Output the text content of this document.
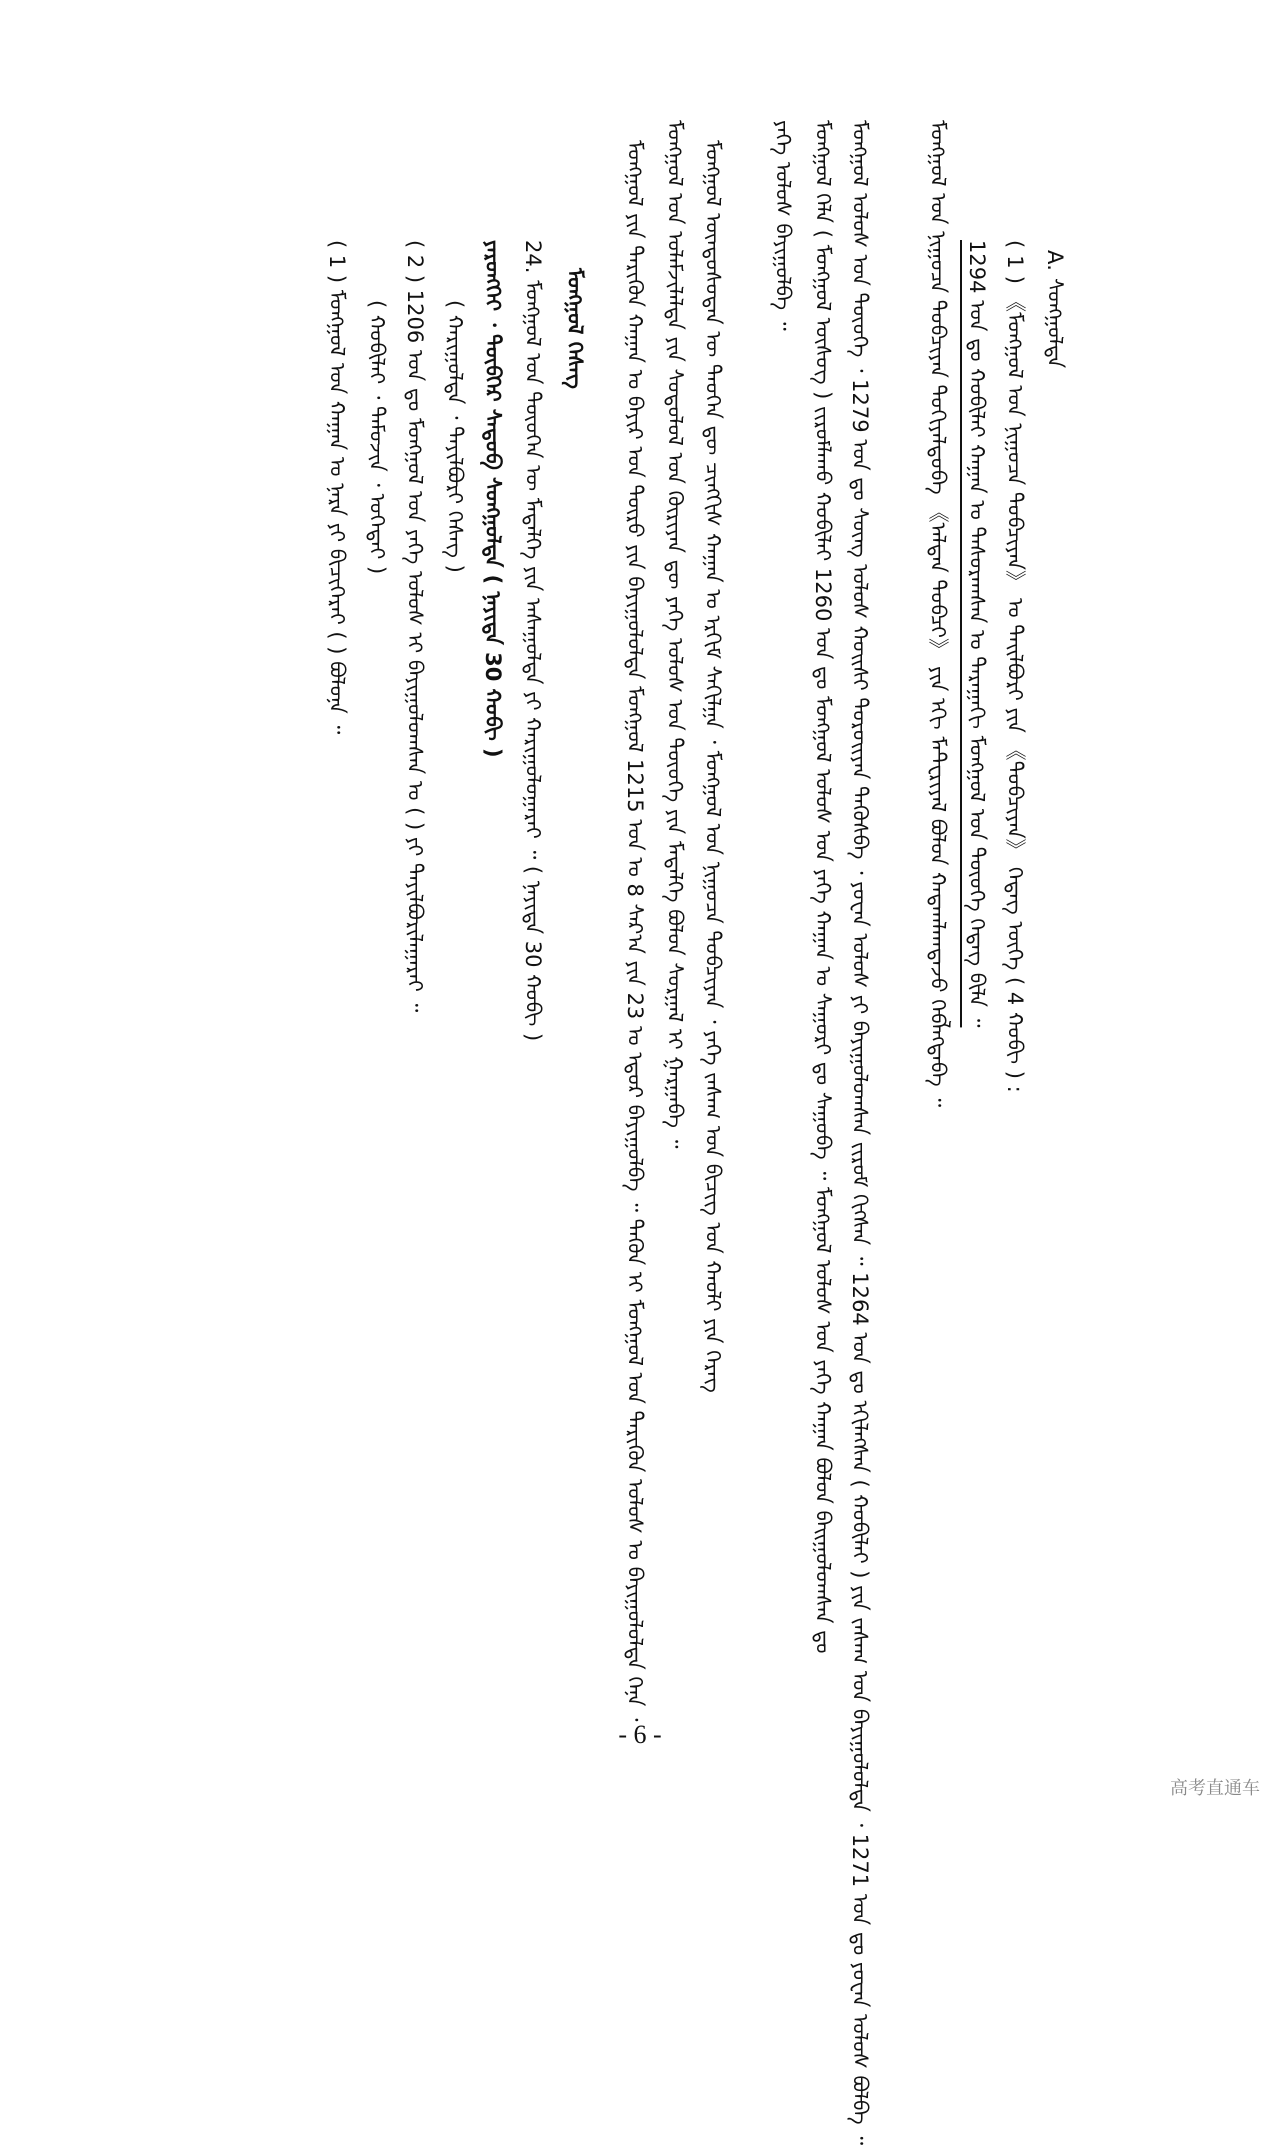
A. ᠰᠣᠩᠭᠣᠯᠲᠠ
( 1 ) 《ᠮᠣᠩᠭᠣᠯ ᠤᠨ ᠨᠢᠭᠤᠴᠠ ᠲᠣᠪᠴᠢᠶᠠᠨ》 ᠤ ᠲᠠᠢᠯᠪᠤᠷᠢ ᠶᠢᠨ 《ᠲᠣᠪᠴᠢᠶᠠᠨ》 ᠭᠡᠳᠡᠭ ᠦᠭᠡ ( 4 ᠬᠤᠪᠢ ) :
1294 ᠣᠨ ᠳᠤ ᠬᠣᠪᠢᠯᠠᠢ ᠬᠠᠭᠠᠨ ᠤ ᠲᠠᠰᠤᠷᠠᠭᠰᠠᠨ ᠤ ᠳᠠᠷᠠᠭᠠᠬᠢ ᠮᠣᠩᠭᠣᠯ ᠤᠨ ᠲᠦᠦᠬᠡ ᠭᠡᠳᠡᠭ ᠪᠢᠯᠡ ᠃
ᠮᠣᠩᠭᠣᠯ ᠤᠨ ᠨᠢᠭᠤᠴᠠ ᠲᠣᠪᠴᠢᠶᠠᠨ ᠲᠣᠬᠢᠶᠠᠯᠳᠤᠪᠠ 《ᠠᠯᠲᠠᠨ ᠲᠣᠪᠴᠢ》 ᠶᠢᠨ ᠡᠬᠢ ᠮᠠᠲᠧᠷᠢᠶᠠᠯ ᠪᠣᠯᠤᠨ ᠬᠠᠳᠠᠭᠯᠠᠭᠳᠠᠵᠤ ᠬᠡᠪᠯᠡᠭᠳᠡᠪᠡ ᠃
ᠮᠣᠩᠭᠣᠯ ᠤᠯᠤᠰ ᠤᠨ ᠲᠦᠦᠬᠡ ᠂ 1279 ᠣᠨ ᠳᠤ ᠰᠦᠩ ᠤᠯᠤᠰ ᠬᠣᠢᠰᠢ ᠳᠣᠷᠣᠢᠶᠠᠨ ᠲᠡᠭᠦᠰᠪᠡ ᠂ ᠶᠤᠸᠠᠨ ᠤᠯᠤᠰ ᠶᠢ ᠪᠠᠶᠢᠭᠤᠯᠤᠭᠰᠠᠨ ᠵᠢᠷᠤᠮ ᠬᠢᠭᠰᠡᠨ ᠃ 1264 ᠣᠨ ᠳᠤ ᠡᠬᠢᠯᠡᠭᠰᠡᠨ ( ᠬᠣᠪᠢᠯᠠᠢ ) ᠶᠢᠨ ᠵᠠᠰᠠᠭ ᠤᠨ ᠪᠠᠶᠢᠭᠤᠯᠤᠯᠲᠠ ᠂ 1271 ᠣᠨ ᠳᠤ ᠶᠤᠸᠠᠨ ᠤᠯᠤᠰ ᠪᠣᠯᠪᠠ ᠃
ᠮᠣᠩᠭᠣᠯ ᠬᠡᠯᠡ ( ᠮᠣᠩᠭᠣᠯ ᠦᠰᠦᠭ ) ᠵᠢᠷᠤᠮᠯᠠᠬᠤ ᠬᠣᠪᠢᠯᠠᠢ 1260 ᠣᠨ ᠳᠤ ᠮᠣᠩᠭᠣᠯ ᠤᠯᠤᠰ ᠤᠨ ᠶᠡᠬᠡ ᠬᠠᠭᠠᠨ ᠤ ᠰᠠᠭᠤᠷᠢ ᠳᠤ ᠰᠠᠭᠤᠪᠠ ᠃ ᠮᠣᠩᠭᠣᠯ ᠤᠯᠤᠰ ᠤᠨ ᠶᠡᠬᠡ ᠬᠠᠭᠠᠨ ᠪᠣᠯᠤᠨ ᠪᠠᠢᠭᠤᠯᠤᠭᠰᠠᠨ ᠳᠤ
ᠶᠡᠬᠡ ᠤᠯᠤᠰ ᠪᠠᠶᠢᠭᠤᠯᠪᠠ ᠃
ᠮᠣᠩᠭᠣᠯ ᠦᠨᠳᠦᠰᠦᠲᠡᠨ ᠦ ᠲᠡᠦᠬᠡᠨ ᠳᠦ ᠴᠢᠩᠭᠢᠰ ᠬᠠᠭᠠᠨ ᠤ ᠡᠷᠬᠢᠮ ᠰᠠᠬᠢᠯᠭᠠ ᠂ ᠮᠣᠩᠭᠣᠯ ᠤᠨ ᠨᠢᠭᠤᠴᠠ ᠲᠣᠪᠴᠢᠶᠠᠨ ᠂ ᠶᠡᠬᠡ ᠵᠠᠰᠠᠭ ᠤᠨ ᠪᠢᠴᠢᠭ ᠤᠨ ᠬᠠᠤᠯᠢ ᠶᠢᠨ ᠬᠡᠷᠡᠭ
ᠮᠣᠩᠭᠣᠯ ᠤᠨ ᠤᠯᠠᠮᠵᠢᠯᠠᠯᠲᠠ ᠶᠢᠨ ᠰᠤᠳᠤᠯᠤᠯ ᠤᠨ ᠬᠦᠷᠢᠶᠡᠨ ᠳᠦ ᠶᠡᠬᠡ ᠤᠯᠤᠰ ᠤᠨ ᠲᠦᠦᠬᠡ ᠶᠢᠨ ᠮᠡᠳᠡᠯᠭᠡ ᠪᠣᠯᠤᠨ ᠰᠤᠷᠭᠠᠯ ᠢ ᠭᠠᠷᠭᠠᠪᠠ ᠃
ᠮᠣᠩᠭᠣᠯ ᠶᠢᠨ ᠲᠡᠷᠢᠭᠦᠨ ᠬᠠᠭᠠᠨ ᠤ ᠪᠠᠶᠢᠷ ᠤᠨ ᠲᠦᠷᠦ ᠶᠢᠨ ᠪᠠᠶᠢᠭᠤᠯᠤᠯᠲᠠ ᠮᠣᠩᠭᠣᠯ 1215 ᠣᠨ ᠤ 8 ᠰᠠᠷ᠎ᠠ ᠶᠢᠨ 23 ᠤ ᠡᠳᠦᠷ ᠪᠠᠶᠢᠭᠤᠯᠪᠠ ᠃ ᠲᠡᠭᠦᠨ ᠢ ᠮᠣᠩᠭᠣᠯ ᠤᠨ ᠲᠡᠷᠢᠭᠦᠨ ᠤᠯᠤᠰ ᠤ ᠪᠠᠶᠢᠭᠤᠯᠤᠯᠲᠠ ᠭᠡᠨᠡ ᠂
ᠮᠣᠩᠭᠣᠯ ᠬᠡᠰᠡᠭ
24. ᠮᠣᠩᠭᠣᠯ ᠤᠨ ᠲᠦᠦᠬᠡᠨ ᠦ ᠮᠡᠳᠡᠯᠭᠡ ᠶᠢᠨ ᠠᠰᠠᠭᠤᠯᠲᠠ ᠶᠢ ᠬᠠᠷᠢᠭᠤᠯᠤᠭᠠᠷᠠᠢ ᠃ ( ᠨᠡᠶᠢᠲᠡ 30 ᠬᠤᠪᠢ )
ᠶᠡᠷᠦᠩᠬᠡᠢ ᠂ ᠲᠦᠪᠬᠡᠷ ᠰᠡᠳᠦᠪ ᠰᠣᠩᠭᠣᠯᠲᠠ ( ᠨᠡᠶᠢᠲᠡ 30 ᠬᠤᠪᠢ )
( ᠬᠠᠷᠢᠭᠤᠯᠲᠠ ᠂ ᠲᠠᠶᠢᠯᠪᠤᠷᠢ ᠬᠡᠰᠡᠭ )
( 2 ) 1206 ᠣᠨ ᠳᠤ ᠮᠣᠩᠭᠣᠯ ᠤᠨ ᠶᠡᠬᠡ ᠤᠯᠤᠰ ᠢ ᠪᠠᠶᠢᠭᠤᠯᠤᠭᠰᠠᠨ ᠤ ( ) ᠶᠢ ᠲᠠᠶᠢᠯᠪᠤᠷᠢᠯᠠᠭᠠᠷᠠᠢ ᠃
( ᠬᠣᠪᠢᠯᠠᠢ ᠂ ᠲᠡᠮᠦᠵᠢᠨ ᠂ ᠣᠭᠡᠳᠡᠢ )
( 1 ) ᠮᠣᠩᠭᠣᠯ ᠤᠨ ᠬᠠᠭᠠᠨ ᠤ ᠨᠡᠷᠡ ᠶᠢ ᠪᠢᠴᠢᠭᠡᠷᠡᠢ ( ) ᠪᠣᠯᠤᠨᠠ ᠃
- 6 -
高考直通车
